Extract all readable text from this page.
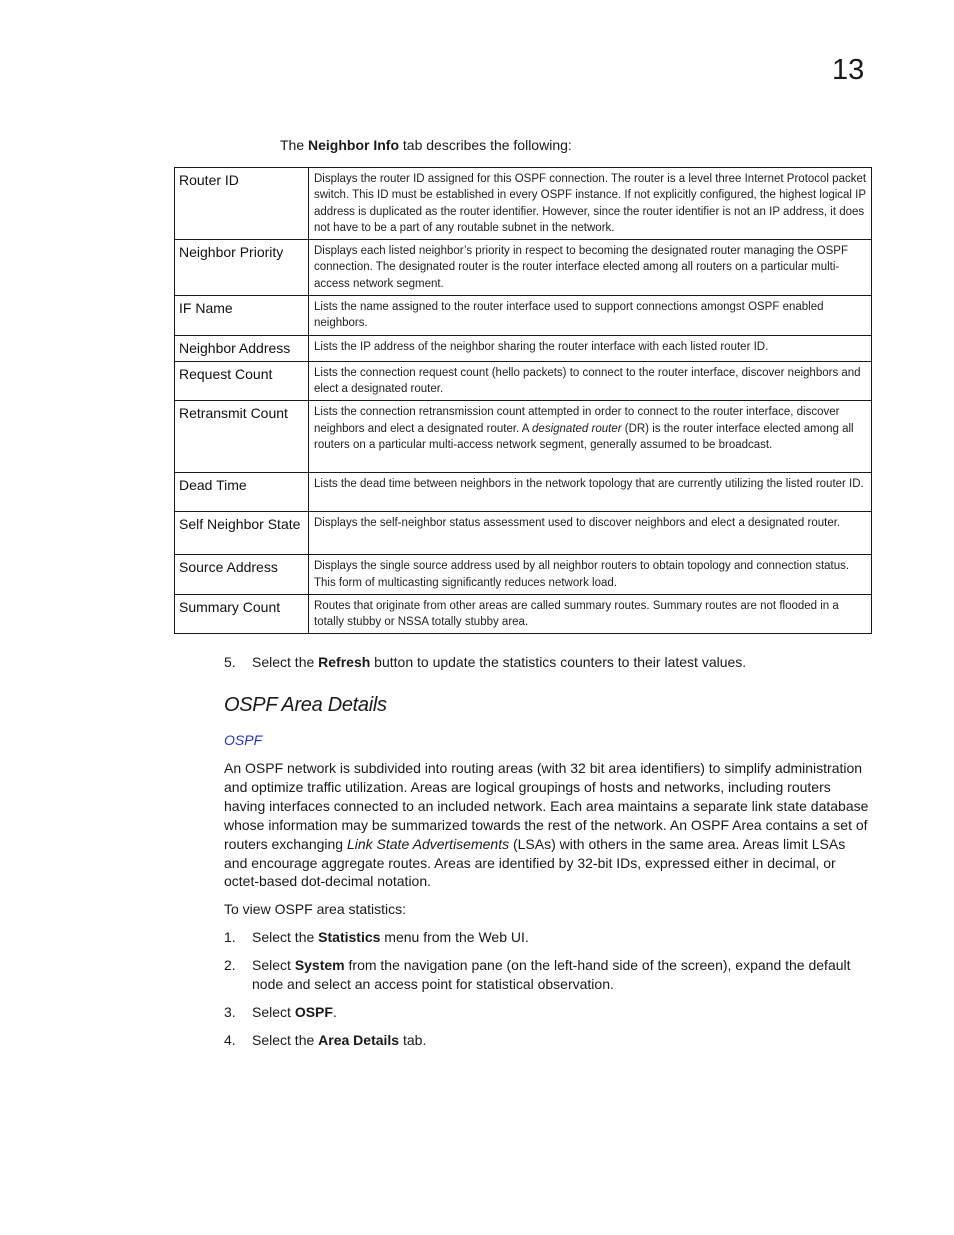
13
The Neighbor Info tab describes the following:
Router ID	Displays the router ID assigned for this OSPF connection. The router is a level three Internet Protocol packet switch. This ID must be established in every OSPF instance. If not explicitly configured, the highest logical IP address is duplicated as the router identifier. However, since the router identifier is not an IP address, it does not have to be a part of any routable subnet in the network.
Neighbor Priority	Displays each listed neighbor’s priority in respect to becoming the designated router managing the OSPF connection. The designated router is the router interface elected among all routers on a particular multi-access network segment.
IF Name	Lists the name assigned to the router interface used to support connections amongst OSPF enabled neighbors.
Neighbor Address	Lists the IP address of the neighbor sharing the router interface with each listed router ID.
Request Count	Lists the connection request count (hello packets) to connect to the router interface, discover neighbors and elect a designated router.
Retransmit Count	Lists the connection retransmission count attempted in order to connect to the router interface, discover neighbors and elect a designated router. A designated router (DR) is the router interface elected among all routers on a particular multi-access network segment, generally assumed to be broadcast.
Dead Time	Lists the dead time between neighbors in the network topology that are currently utilizing the listed router ID.
Self Neighbor State	Displays the self-neighbor status assessment used to discover neighbors and elect a designated router.
Source Address	Displays the single source address used by all neighbor routers to obtain topology and connection status. This form of multicasting significantly reduces network load.
Summary Count	Routes that originate from other areas are called summary routes. Summary routes are not flooded in a totally stubby or NSSA totally stubby area.
5. Select the Refresh button to update the statistics counters to their latest values.
OSPF Area Details
OSPF
An OSPF network is subdivided into routing areas (with 32 bit area identifiers) to simplify administration and optimize traffic utilization. Areas are logical groupings of hosts and networks, including routers having interfaces connected to an included network. Each area maintains a separate link state database whose information may be summarized towards the rest of the network. An OSPF Area contains a set of routers exchanging Link State Advertisements (LSAs) with others in the same area. Areas limit LSAs and encourage aggregate routes. Areas are identified by 32-bit IDs, expressed either in decimal, or octet-based dot-decimal notation.
To view OSPF area statistics:
1.	Select the Statistics menu from the Web UI.
2.	Select System from the navigation pane (on the left-hand side of the screen), expand the default node and select an access point for statistical observation.
3.	Select OSPF.
4.	Select the Area Details tab.
